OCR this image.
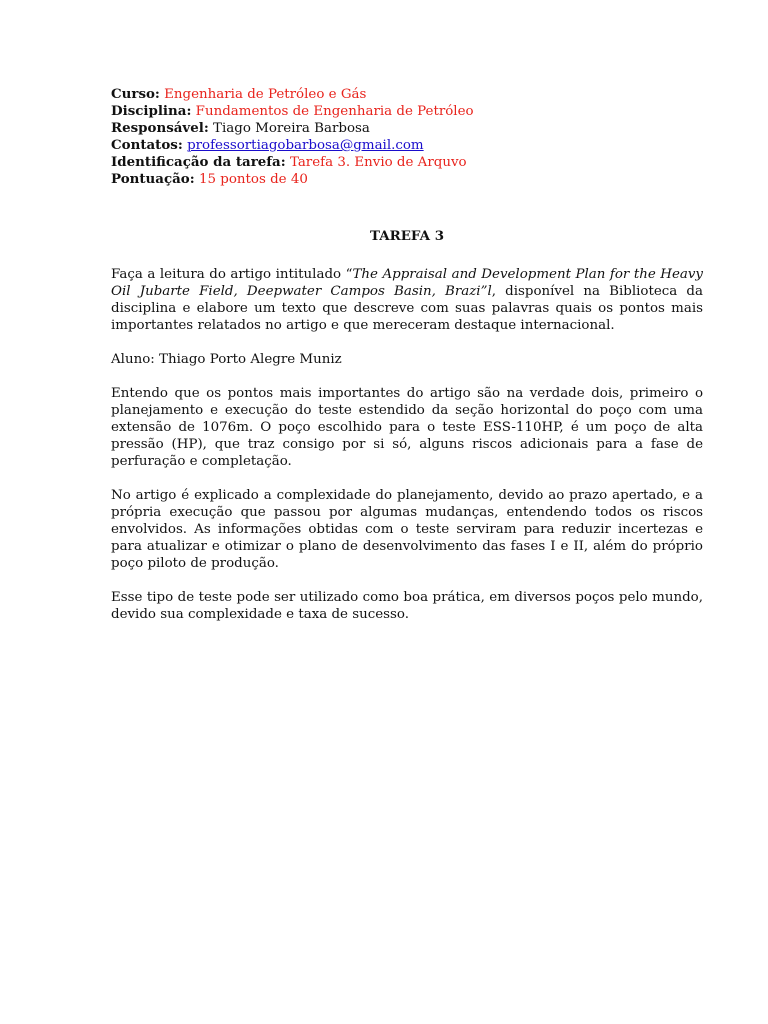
Curso: Engenharia de Petróleo e Gás
Disciplina: Fundamentos de Engenharia de Petróleo
Responsável: Tiago Moreira Barbosa
Contatos: professortiagobarbosa@gmail.com
Identificação da tarefa: Tarefa 3. Envio de Arquvo
Pontuação: 15 pontos de 40
TAREFA 3

Faça a leitura do artigo intitulado “The Appraisal and Development Plan for the Heavy Oil Jubarte Field, Deepwater Campos Basin, Brazi”l, disponível na Biblioteca da disciplina e elabore um texto que descreve com suas palavras quais os pontos mais importantes relatados no artigo e que mereceram destaque internacional.

Aluno: Thiago Porto Alegre Muniz

Entendo que os pontos mais importantes do artigo são na verdade dois, primeiro o planejamento e execução do teste estendido da seção horizontal do poço com uma extensão de 1076m. O poço escolhido para o teste ESS-110HP, é um poço de alta pressão (HP), que traz consigo por si só, alguns riscos adicionais para a fase de perfuração e completação.

No artigo é explicado a complexidade do planejamento, devido ao prazo apertado, e a própria execução que passou por algumas mudanças, entendendo todos os riscos envolvidos. As informações obtidas com o teste serviram para reduzir incertezas e para atualizar e otimizar o plano de desenvolvimento das fases I e II, além do próprio poço piloto de produção.

Esse tipo de teste pode ser utilizado como boa prática, em diversos poços pelo mundo, devido sua complexidade e taxa de sucesso.
